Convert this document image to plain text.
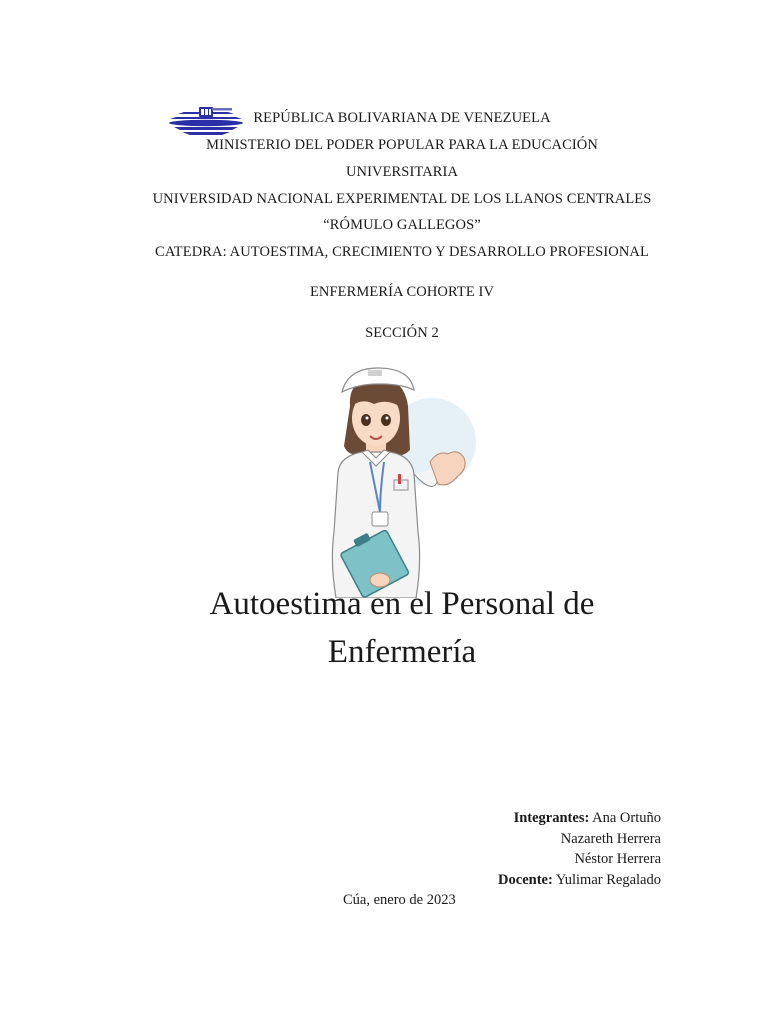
REPÚBLICA BOLIVARIANA DE VENEZUELA
MINISTERIO DEL PODER POPULAR PARA LA EDUCACIÓN
UNIVERSITARIA
UNIVERSIDAD NACIONAL EXPERIMENTAL DE LOS LLANOS CENTRALES
“RÓMULO GALLEGOS”
CATEDRA: AUTOESTIMA, CRECIMIENTO Y DESARROLLO PROFESIONAL
ENFERMERÍA COHORTE IV
SECCIÓN 2
Autoestima en el Personal de
Enfermería
Integrantes: Ana Ortuño
Nazareth Herrera
Néstor Herrera
Docente: Yulimar Regalado
Cúa, enero de 2023
